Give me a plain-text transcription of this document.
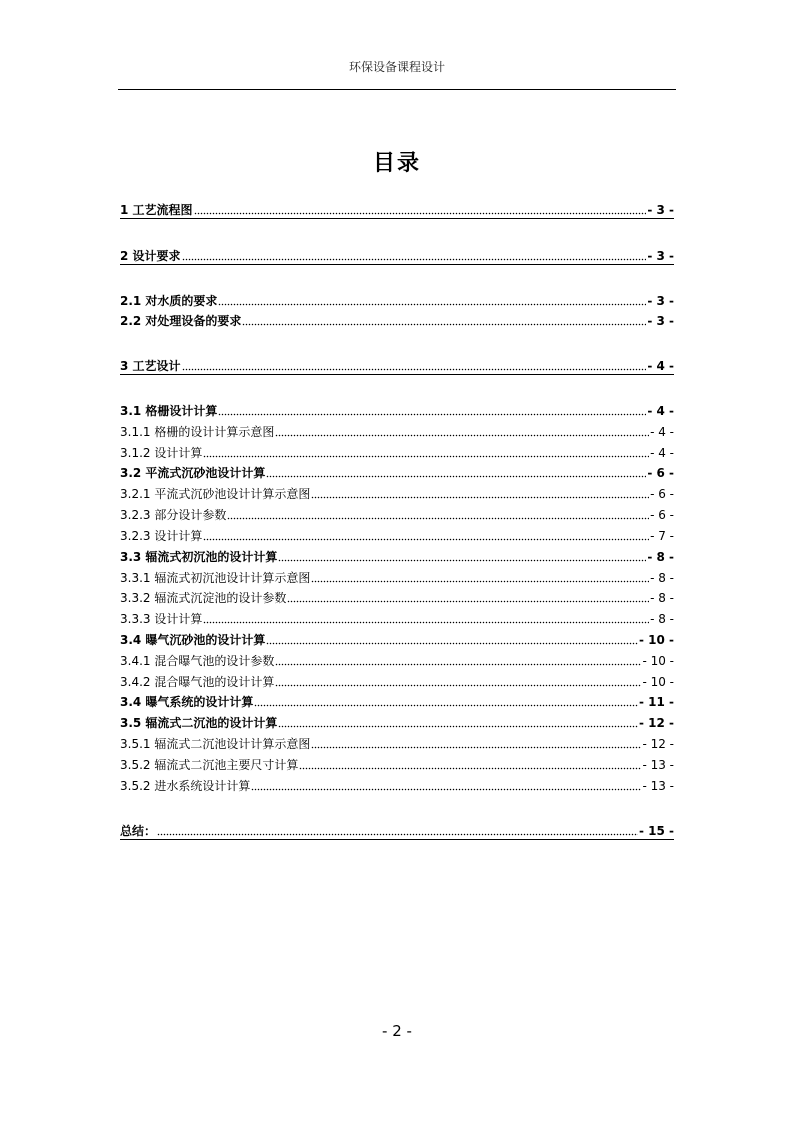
环保设备课程设计
目录
1 工艺流程图	- 3 -
2 设计要求	- 3 -
2.1 对水质的要求	- 3 -
2.2 对处理设备的要求	- 3 -
3 工艺设计	- 4 -
3.1 格栅设计计算	- 4 -
3.1.1 格栅的设计计算示意图	- 4 -
3.1.2 设计计算	- 4 -
3.2 平流式沉砂池设计计算	- 6 -
3.2.1 平流式沉砂池设计计算示意图	- 6 -
3.2.3 部分设计参数	- 6 -
3.2.3 设计计算	- 7 -
3.3 辐流式初沉池的设计计算	- 8 -
3.3.1 辐流式初沉池设计计算示意图	- 8 -
3.3.2 辐流式沉淀池的设计参数	- 8 -
3.3.3 设计计算	- 8 -
3.4 曝气沉砂池的设计计算	- 10 -
3.4.1 混合曝气池的设计参数	- 10 -
3.4.2 混合曝气池的设计计算	- 10 -
3.4 曝气系统的设计计算	- 11 -
3.5 辐流式二沉池的设计计算	- 12 -
3.5.1 辐流式二沉池设计计算示意图	- 12 -
3.5.2 辐流式二沉池主要尺寸计算	- 13 -
3.5.2 进水系统设计计算	- 13 -
总结：	- 15 -
- 2 -
